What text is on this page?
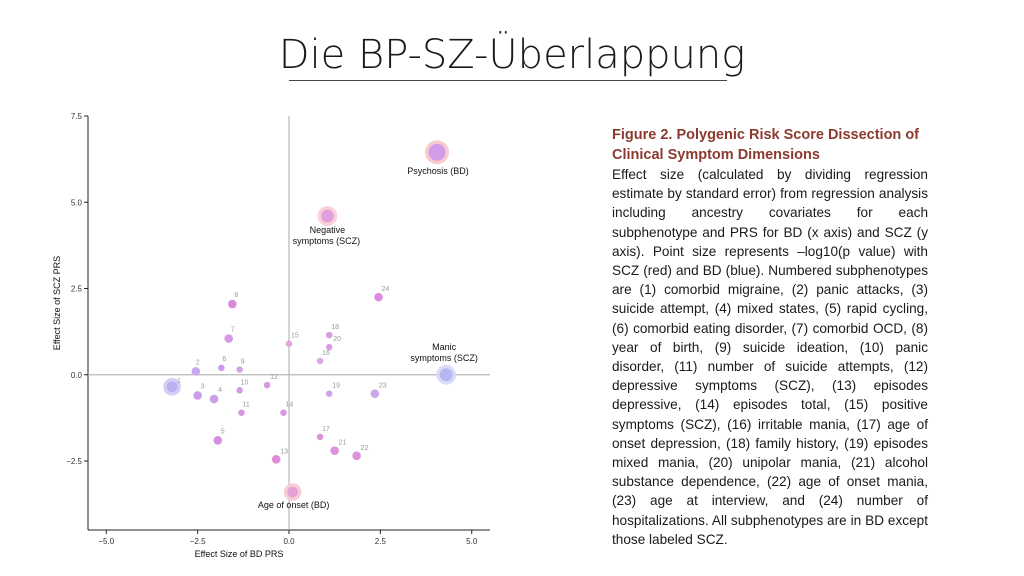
Die BP-SZ-Überlappung
−5.0	−2.5	0.0	2.5	5.0
−2.5
0.0
2.5
5.0
7.5
Effect Size of BD PRS
Effect Size of SCZ PRS
1
2
3 4
5
6
7
8
9
10
11
12
13
14
15
16
17
18
19
20
21
22
23
24
Psychosis (BD)
Negative
symptoms (SCZ)
Manic
symptoms (SCZ)
Age of onset (BD)
Figure 2. Polygenic Risk Score Dissection of Clinical Symptom Dimensions
Effect size (calculated by dividing regression estimate by standard error) from regression analysis including ancestry covariates for each subphenotype and PRS for BD (x axis) and SCZ (y axis). Point size represents –log10(p value) with SCZ (red) and BD (blue). Numbered subphenotypes are (1) comorbid migraine, (2) panic attacks, (3) suicide attempt, (4) mixed states, (5) rapid cycling, (6) comorbid eating disorder, (7) comorbid OCD, (8) year of birth, (9) suicide ideation, (10) panic disorder, (11) number of suicide attempts, (12) depressive symptoms (SCZ), (13) episodes depressive, (14) episodes total, (15) positive symptoms (SCZ), (16) irritable mania, (17) age of onset depression, (18) family history, (19) episodes mixed mania, (20) unipolar mania, (21) alcohol substance dependence, (22) age of onset mania, (23) age at interview, and (24) number of hospitalizations. All subphenotypes are in BD except those labeled SCZ.
